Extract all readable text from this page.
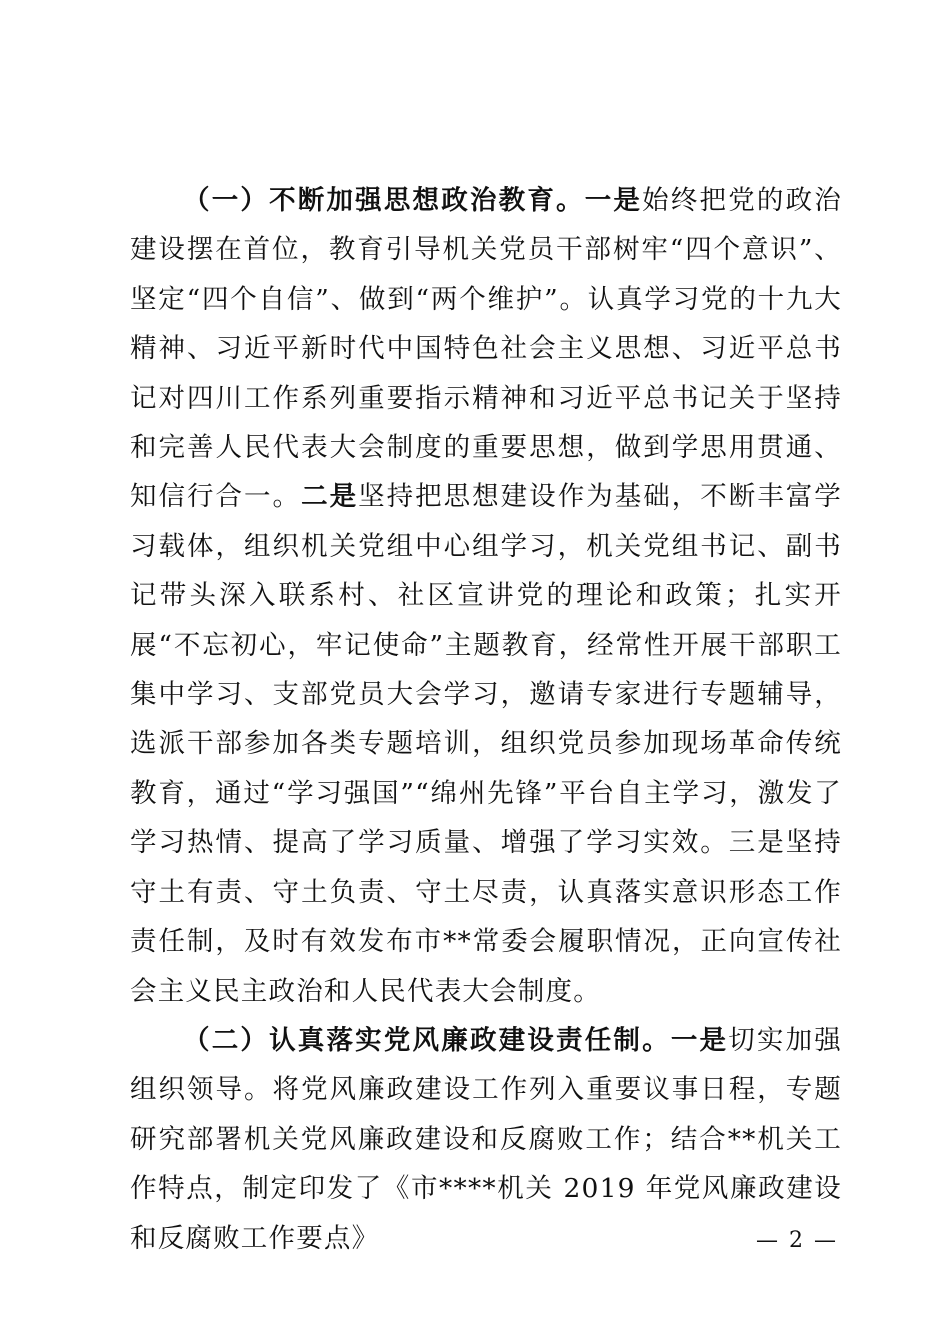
（一）不断加强思想政治教育。一是始终把党的政治建设摆在首位，教育引导机关党员干部树牢“四个意识”、坚定“四个自信”、做到“两个维护”。认真学习党的十九大精神、习近平新时代中国特色社会主义思想、习近平总书记对四川工作系列重要指示精神和习近平总书记关于坚持和完善人民代表大会制度的重要思想，做到学思用贯通、知信行合一。二是坚持把思想建设作为基础，不断丰富学习载体，组织机关党组中心组学习，机关党组书记、副书记带头深入联系村、社区宣讲党的理论和政策；扎实开展“不忘初心，牢记使命”主题教育，经常性开展干部职工集中学习、支部党员大会学习，邀请专家进行专题辅导，选派干部参加各类专题培训，组织党员参加现场革命传统教育，通过“学习强国”“绵州先锋”平台自主学习，激发了学习热情、提高了学习质量、增强了学习实效。三是坚持守土有责、守土负责、守土尽责，认真落实意识形态工作责任制，及时有效发布市**常委会履职情况，正向宣传社会主义民主政治和人民代表大会制度。

（二）认真落实党风廉政建设责任制。一是切实加强组织领导。将党风廉政建设工作列入重要议事日程，专题研究部署机关党风廉政建设和反腐败工作；结合**机关工作特点，制定印发了《市****机关 2019 年党风廉政建设和反腐败工作要点》	— 2 —
